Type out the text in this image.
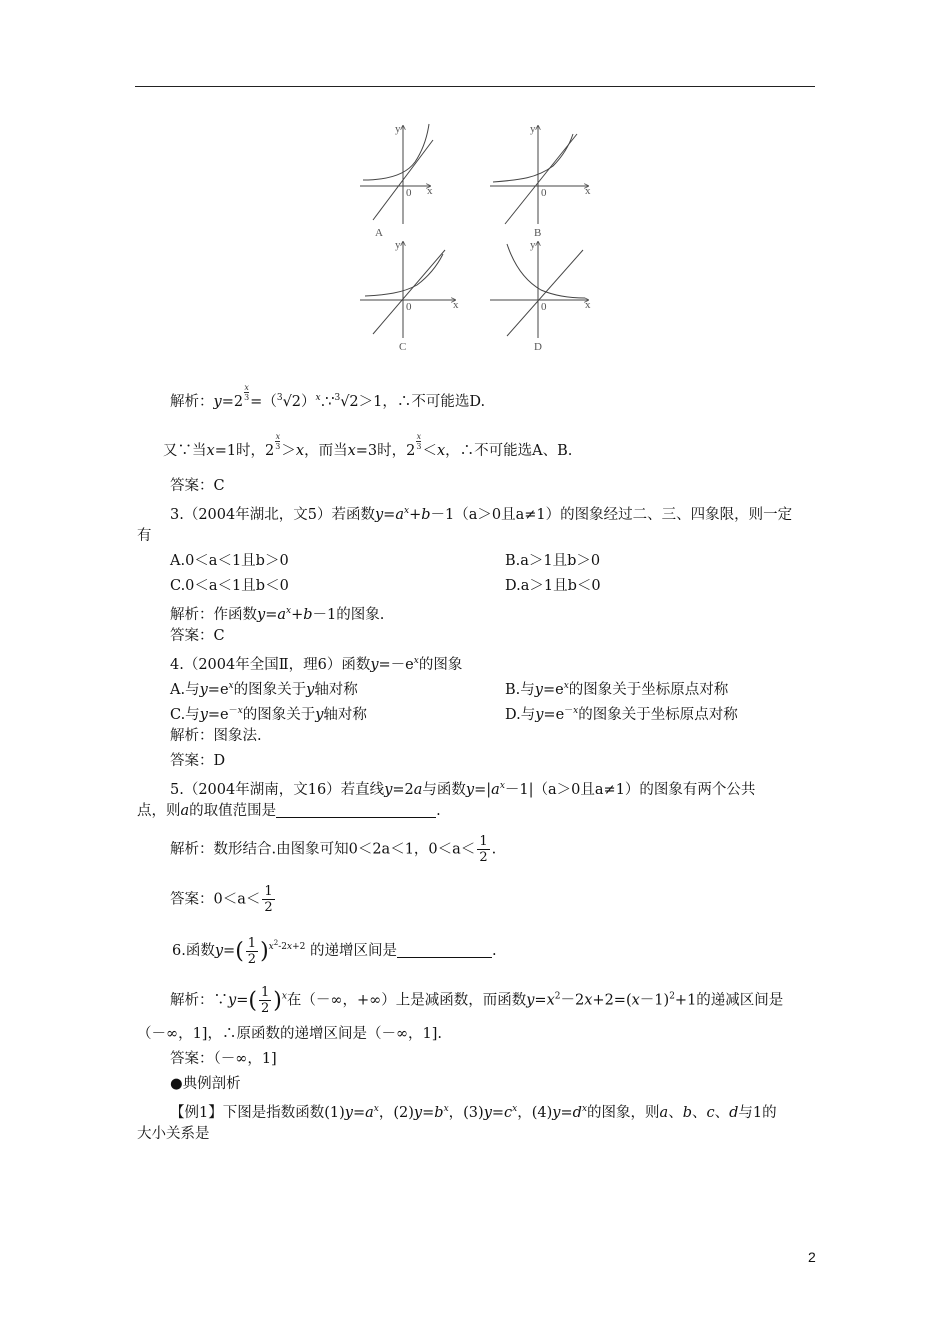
y
x
0
y
x
0
y
x
0
y
x
0
A	B
C	D
解析：$y=2 \frac{x}{3}$ $=(^3√2)^x.\because^3√2>1$，∴不可能选D.
又∵当x=1时，$2 \frac{x}{3} >x$，而当x=3时，$2 \frac{x}{3} <x$，∴不可能选A、B.
答案：C
3.（2004年湖北，文5）若函数$y=a^x+b-1(a>0$且a≠1）的图象经过二、三、四象限，则一定
有
A.0＜a＜1且b＞0	B.a＞1且b＞0
C.0＜a＜1且b＜0	D.a＞1且b＜0
解析：作函数$y=a^x+b-1$的图象.
答案：C
4.（2004年全国Ⅱ，理6）函数$y=-e^x$的图象
A.与$y=e^x$的图象关于y轴对称	B.与$y=e^x$的图象关于坐标原点对称
C.与$y=e^{-x}$的图象关于y轴对称	D.与$y=e^{-x}$的图象关于坐标原点对称
解析：图象法.
答案：D
5.（2004年湖南，文16）若直线y=2a与函数$y=|a^x-1|(a>0$且a≠1）的图象有两个公共
点，则a的取值范围是	.
解析：数形结合.由图象可知0＜2a＜1，$0<a< \frac{1}{2}$ .
答案：$0<a< \frac{1}{2}$
6.函数$y=( \frac{1}{2} )^{x^2-2x+2}$ 的递增区间是	.
解析：∵y=( $\frac{1}{2} )^x$在（－∞，+∞）上是减函数，而函数$y=x^2-2x+2=(x-1)^2+1$的递减区间是
（－∞，1]，∴原函数的递增区间是（－∞，1].
答案：（－∞，1]
●典例剖析
【例1】下图是指数函数$(1)y=a^x$，$(2)y=b^x$，$(3)y=c^x$，$(4)y=d^x$的图象，则a、b、c、d与1的
大小关系是
2
